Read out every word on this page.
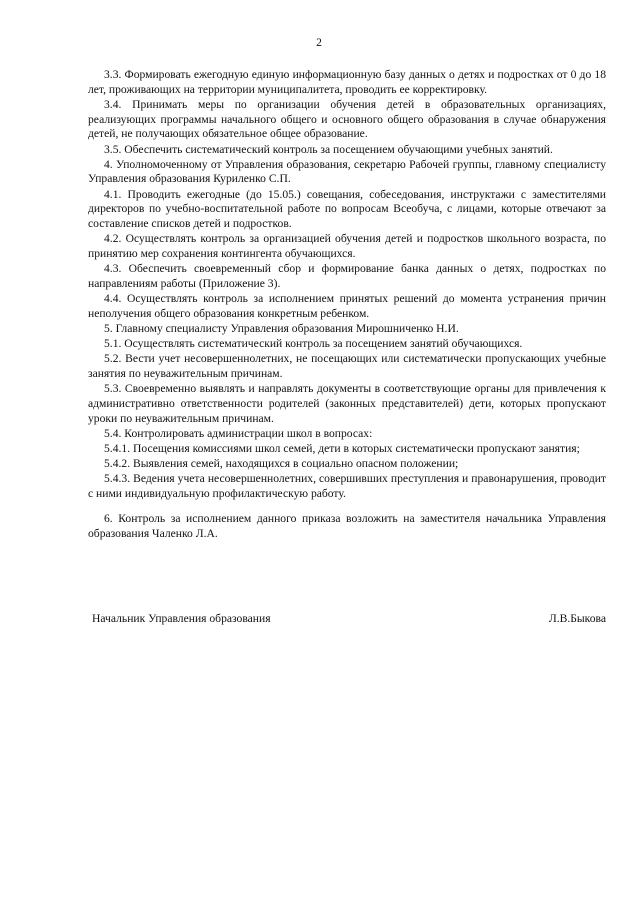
2

3.3. Формировать ежегодную единую информационную базу данных о детях и подростках от 0 до 18 лет, проживающих на территории муниципалитета, проводить ее корректировку.

3.4. Принимать меры по организации обучения детей в образовательных организациях, реализующих программы начального общего и основного общего образования в случае обнаружения детей, не получающих обязательное общее образование.

3.5. Обеспечить систематический контроль за посещением обучающими учебных занятий.

4. Уполномоченному от Управления образования, секретарю Рабочей группы, главному специалисту Управления образования Куриленко С.П.

4.1. Проводить ежегодные (до 15.05.) совещания, собеседования, инструктажи с заместителями директоров по учебно-воспитательной работе по вопросам Всеобуча, с лицами, которые отвечают за составление списков детей и подростков.

4.2. Осуществлять контроль за организацией обучения детей и подростков школьного возраста, по принятию мер сохранения контингента обучающихся.

4.3. Обеспечить своевременный сбор и формирование банка данных о детях, подростках по направлениям работы (Приложение 3).

4.4. Осуществлять контроль за исполнением принятых решений до момента устранения причин неполучения общего образования конкретным ребенком.

5. Главному специалисту Управления образования Мирошниченко Н.И.

5.1. Осуществлять систематический контроль за посещением занятий обучающихся.

5.2. Вести учет несовершеннолетних, не посещающих или систематически пропускающих учебные занятия по неуважительным причинам.

5.3. Своевременно выявлять и направлять документы в соответствующие органы для привлечения к административно ответственности родителей (законных представителей) дети, которых пропускают уроки по неуважительным причинам.

5.4. Контролировать администрации школ в вопросах:

5.4.1. Посещения комиссиями школ семей, дети в которых систематически пропускают занятия;

5.4.2. Выявления семей, находящихся в социально опасном положении;

5.4.3. Ведения учета несовершеннолетних, совершивших преступления и правонарушения, проводит с ними индивидуальную профилактическую работу.

6. Контроль за исполнением данного приказа возложить на заместителя начальника Управления образования Чаленко Л.А.

Начальник Управления образования	Л.В.Быкова
